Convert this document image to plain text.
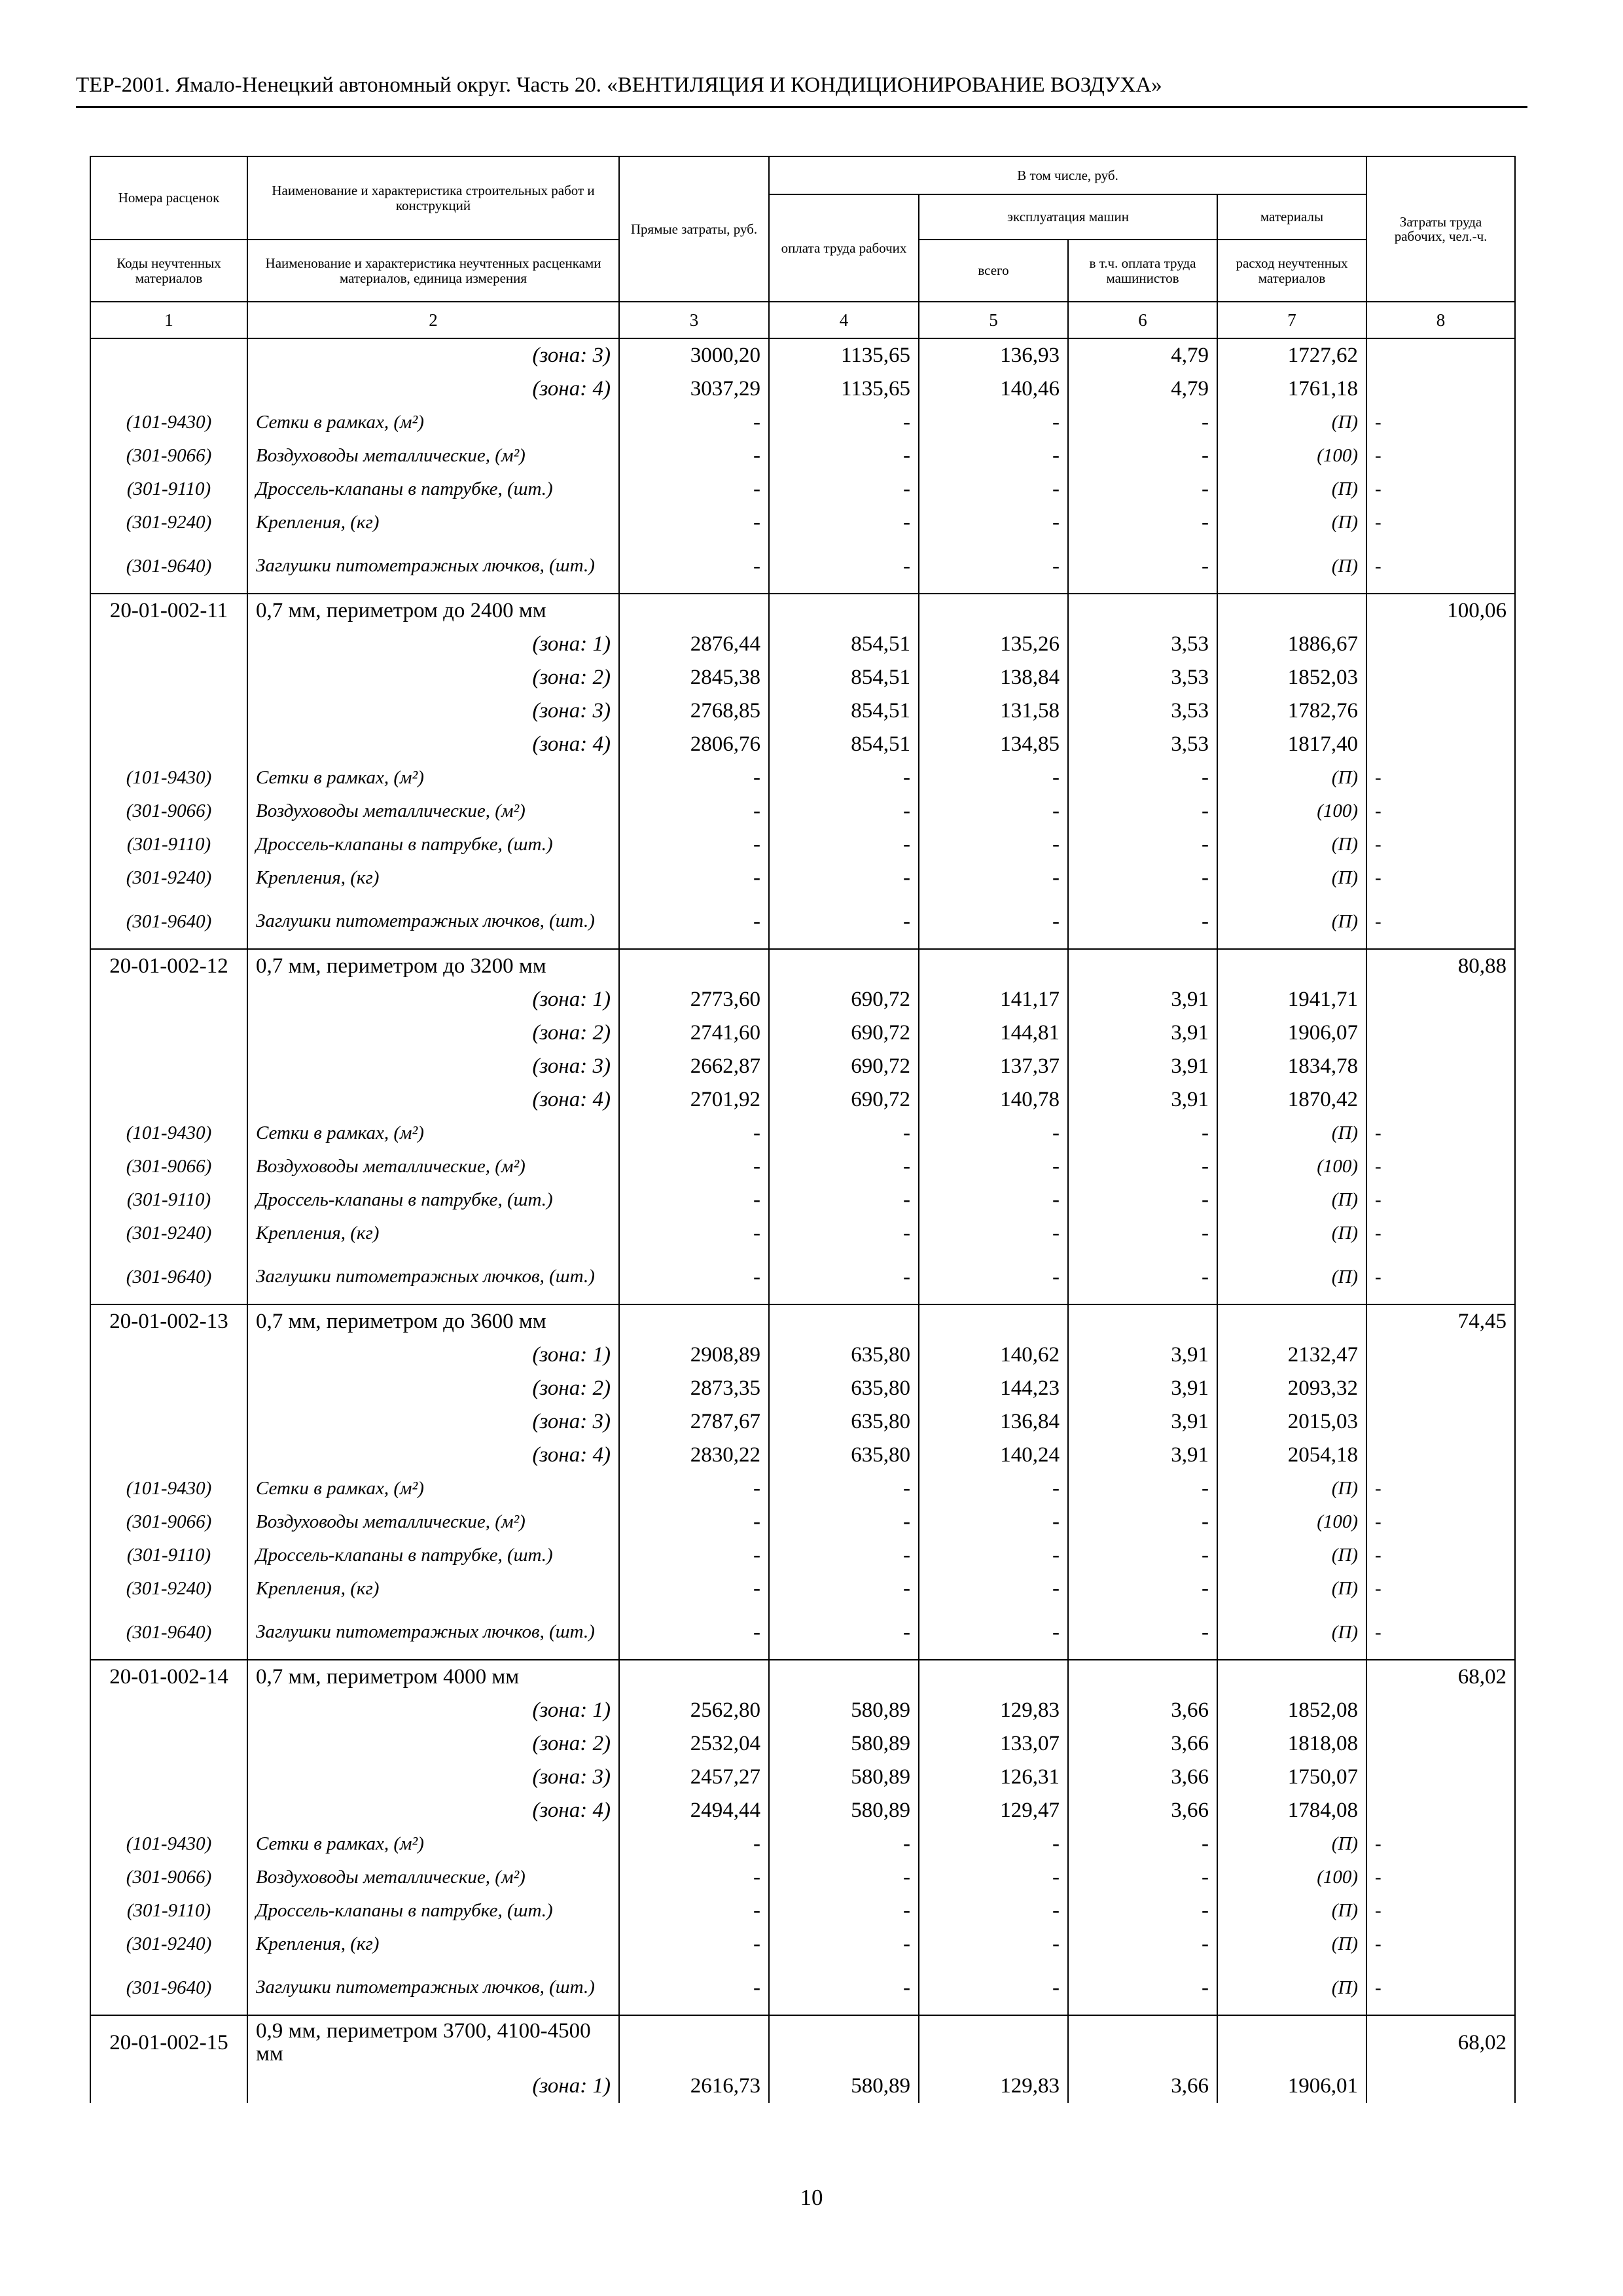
ТЕР-2001. Ямало-Ненецкий автономный округ. Часть 20. «ВЕНТИЛЯЦИЯ И КОНДИЦИОНИРОВАНИЕ ВОЗДУХА»
Номера расценок	Наименование и характеристика строительных работ и конструкций	Прямые затраты, руб.	В том числе, руб.				Затраты труда рабочих, чел.-ч.
			оплата труда рабочих	эксплуатация машин		материалы	
Коды неучтенных материалов	Наименование и характеристика неучтенных расценками материалов, единица измерения			всего	в т.ч. оплата труда машинистов	расход неучтенных материалов	
1	2	3	4	5	6	7	8
	(зона: 3)	3000,20	1135,65	136,93	4,79	1727,62	
	(зона: 4)	3037,29	1135,65	140,46	4,79	1761,18	
(101-9430)	Сетки в рамках, (м²)	-	-	-	-	(П)	-
(301-9066)	Воздуховоды металлические, (м²)	-	-	-	-	(100)	-
(301-9110)	Дроссель-клапаны в патрубке, (шт.)	-	-	-	-	(П)	-
(301-9240)	Крепления, (кг)	-	-	-	-	(П)	-
(301-9640)	Заглушки питометражных лючков, (шт.)	-	-	-	-	(П)	-
20-01-002-11	0,7 мм, периметром до 2400 мм						100,06
	(зона: 1)	2876,44	854,51	135,26	3,53	1886,67	
	(зона: 2)	2845,38	854,51	138,84	3,53	1852,03	
	(зона: 3)	2768,85	854,51	131,58	3,53	1782,76	
	(зона: 4)	2806,76	854,51	134,85	3,53	1817,40	
(101-9430)	Сетки в рамках, (м²)	-	-	-	-	(П)	-
(301-9066)	Воздуховоды металлические, (м²)	-	-	-	-	(100)	-
(301-9110)	Дроссель-клапаны в патрубке, (шт.)	-	-	-	-	(П)	-
(301-9240)	Крепления, (кг)	-	-	-	-	(П)	-
(301-9640)	Заглушки питометражных лючков, (шт.)	-	-	-	-	(П)	-
20-01-002-12	0,7 мм, периметром до 3200 мм						80,88
	(зона: 1)	2773,60	690,72	141,17	3,91	1941,71	
	(зона: 2)	2741,60	690,72	144,81	3,91	1906,07	
	(зона: 3)	2662,87	690,72	137,37	3,91	1834,78	
	(зона: 4)	2701,92	690,72	140,78	3,91	1870,42	
(101-9430)	Сетки в рамках, (м²)	-	-	-	-	(П)	-
(301-9066)	Воздуховоды металлические, (м²)	-	-	-	-	(100)	-
(301-9110)	Дроссель-клапаны в патрубке, (шт.)	-	-	-	-	(П)	-
(301-9240)	Крепления, (кг)	-	-	-	-	(П)	-
(301-9640)	Заглушки питометражных лючков, (шт.)	-	-	-	-	(П)	-
20-01-002-13	0,7 мм, периметром до 3600 мм						74,45
	(зона: 1)	2908,89	635,80	140,62	3,91	2132,47	
	(зона: 2)	2873,35	635,80	144,23	3,91	2093,32	
	(зона: 3)	2787,67	635,80	136,84	3,91	2015,03	
	(зона: 4)	2830,22	635,80	140,24	3,91	2054,18	
(101-9430)	Сетки в рамках, (м²)	-	-	-	-	(П)	-
(301-9066)	Воздуховоды металлические, (м²)	-	-	-	-	(100)	-
(301-9110)	Дроссель-клапаны в патрубке, (шт.)	-	-	-	-	(П)	-
(301-9240)	Крепления, (кг)	-	-	-	-	(П)	-
(301-9640)	Заглушки питометражных лючков, (шт.)	-	-	-	-	(П)	-
20-01-002-14	0,7 мм, периметром 4000 мм						68,02
	(зона: 1)	2562,80	580,89	129,83	3,66	1852,08	
	(зона: 2)	2532,04	580,89	133,07	3,66	1818,08	
	(зона: 3)	2457,27	580,89	126,31	3,66	1750,07	
	(зона: 4)	2494,44	580,89	129,47	3,66	1784,08	
(101-9430)	Сетки в рамках, (м²)	-	-	-	-	(П)	-
(301-9066)	Воздуховоды металлические, (м²)	-	-	-	-	(100)	-
(301-9110)	Дроссель-клапаны в патрубке, (шт.)	-	-	-	-	(П)	-
(301-9240)	Крепления, (кг)	-	-	-	-	(П)	-
(301-9640)	Заглушки питометражных лючков, (шт.)	-	-	-	-	(П)	-
20-01-002-15	0,9 мм, периметром 3700, 4100-4500 мм						68,02
	(зона: 1)	2616,73	580,89	129,83	3,66	1906,01	
10
